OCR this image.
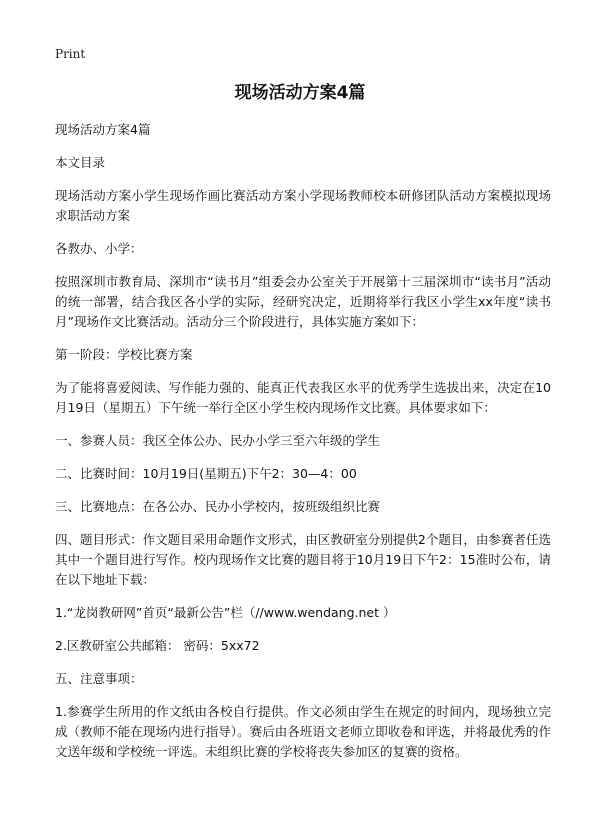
Print
现场活动方案4篇

现场活动方案4篇

本文目录

现场活动方案小学生现场作画比赛活动方案小学现场教师校本研修团队活动方案模拟现场求职活动方案

各教办、小学：

按照深圳市教育局、深圳市“读书月”组委会办公室关于开展第十三届深圳市“读书月”活动的统一部署，结合我区各小学的实际，经研究决定，近期将举行我区小学生xx年度“读书月”现场作文比赛活动。活动分三个阶段进行，具体实施方案如下：

第一阶段：学校比赛方案

为了能将喜爱阅读、写作能力强的、能真正代表我区水平的优秀学生选拔出来，决定在10月19日（星期五）下午统一举行全区小学生校内现场作文比赛。具体要求如下：

一、参赛人员：我区全体公办、民办小学三至六年级的学生

二、比赛时间：10月19日(星期五)下午2：30—4：00

三、比赛地点：在各公办、民办小学校内，按班级组织比赛

四、题目形式：作文题目采用命题作文形式，由区教研室分别提供2个题目，由参赛者任选其中一个题目进行写作。校内现场作文比赛的题目将于10月19日下午2：15准时公布，请在以下地址下载：

1.“龙岗教研网”首页“最新公告”栏（//www.wendang.net ）

2.区教研室公共邮箱： 密码：5xx72

五、注意事项：

1.参赛学生所用的作文纸由各校自行提供。作文必须由学生在规定的时间内，现场独立完成（教师不能在现场内进行指导）。赛后由各班语文老师立即收卷和评选，并将最优秀的作文送年级和学校统一评选。未组织比赛的学校将丧失参加区的复赛的资格。
